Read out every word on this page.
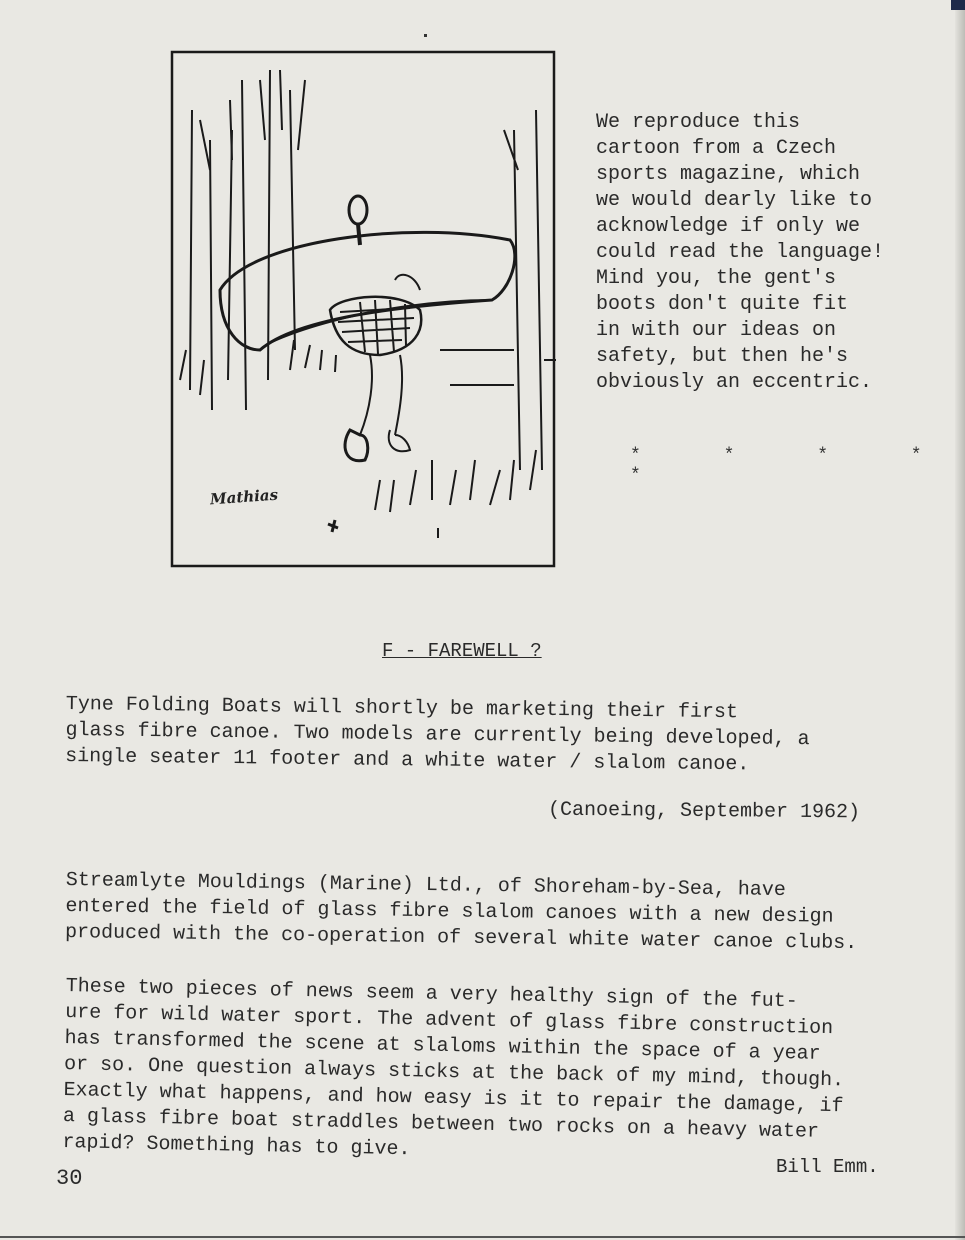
Mathias

We reproduce this
cartoon from a Czech
sports magazine, which
we would dearly like to
acknowledge if only we
could read the language!

Mind you, the gent's
boots don't quite fit
in with our ideas on
safety, but then he's
obviously an eccentric.

* * * * *
F - FAREWELL ?

Tyne Folding Boats will shortly be marketing their first
glass fibre canoe. Two models are currently being developed, a
single seater 11 footer and a white water / slalom canoe.

(Canoeing, September 1962)

Streamlyte Mouldings (Marine) Ltd., of Shoreham-by-Sea, have
entered the field of glass fibre slalom canoes with a new design
produced with the co-operation of several white water canoe clubs.

These two pieces of news seem a very healthy sign of the fut-
ure for wild water sport. The advent of glass fibre construction
has transformed the scene at slaloms within the space of a year
or so. One question always sticks at the back of my mind, though.
Exactly what happens, and how easy is it to repair the damage, if
a glass fibre boat straddles between two rocks on a heavy water
rapid? Something has to give.

Bill Emm.
30
